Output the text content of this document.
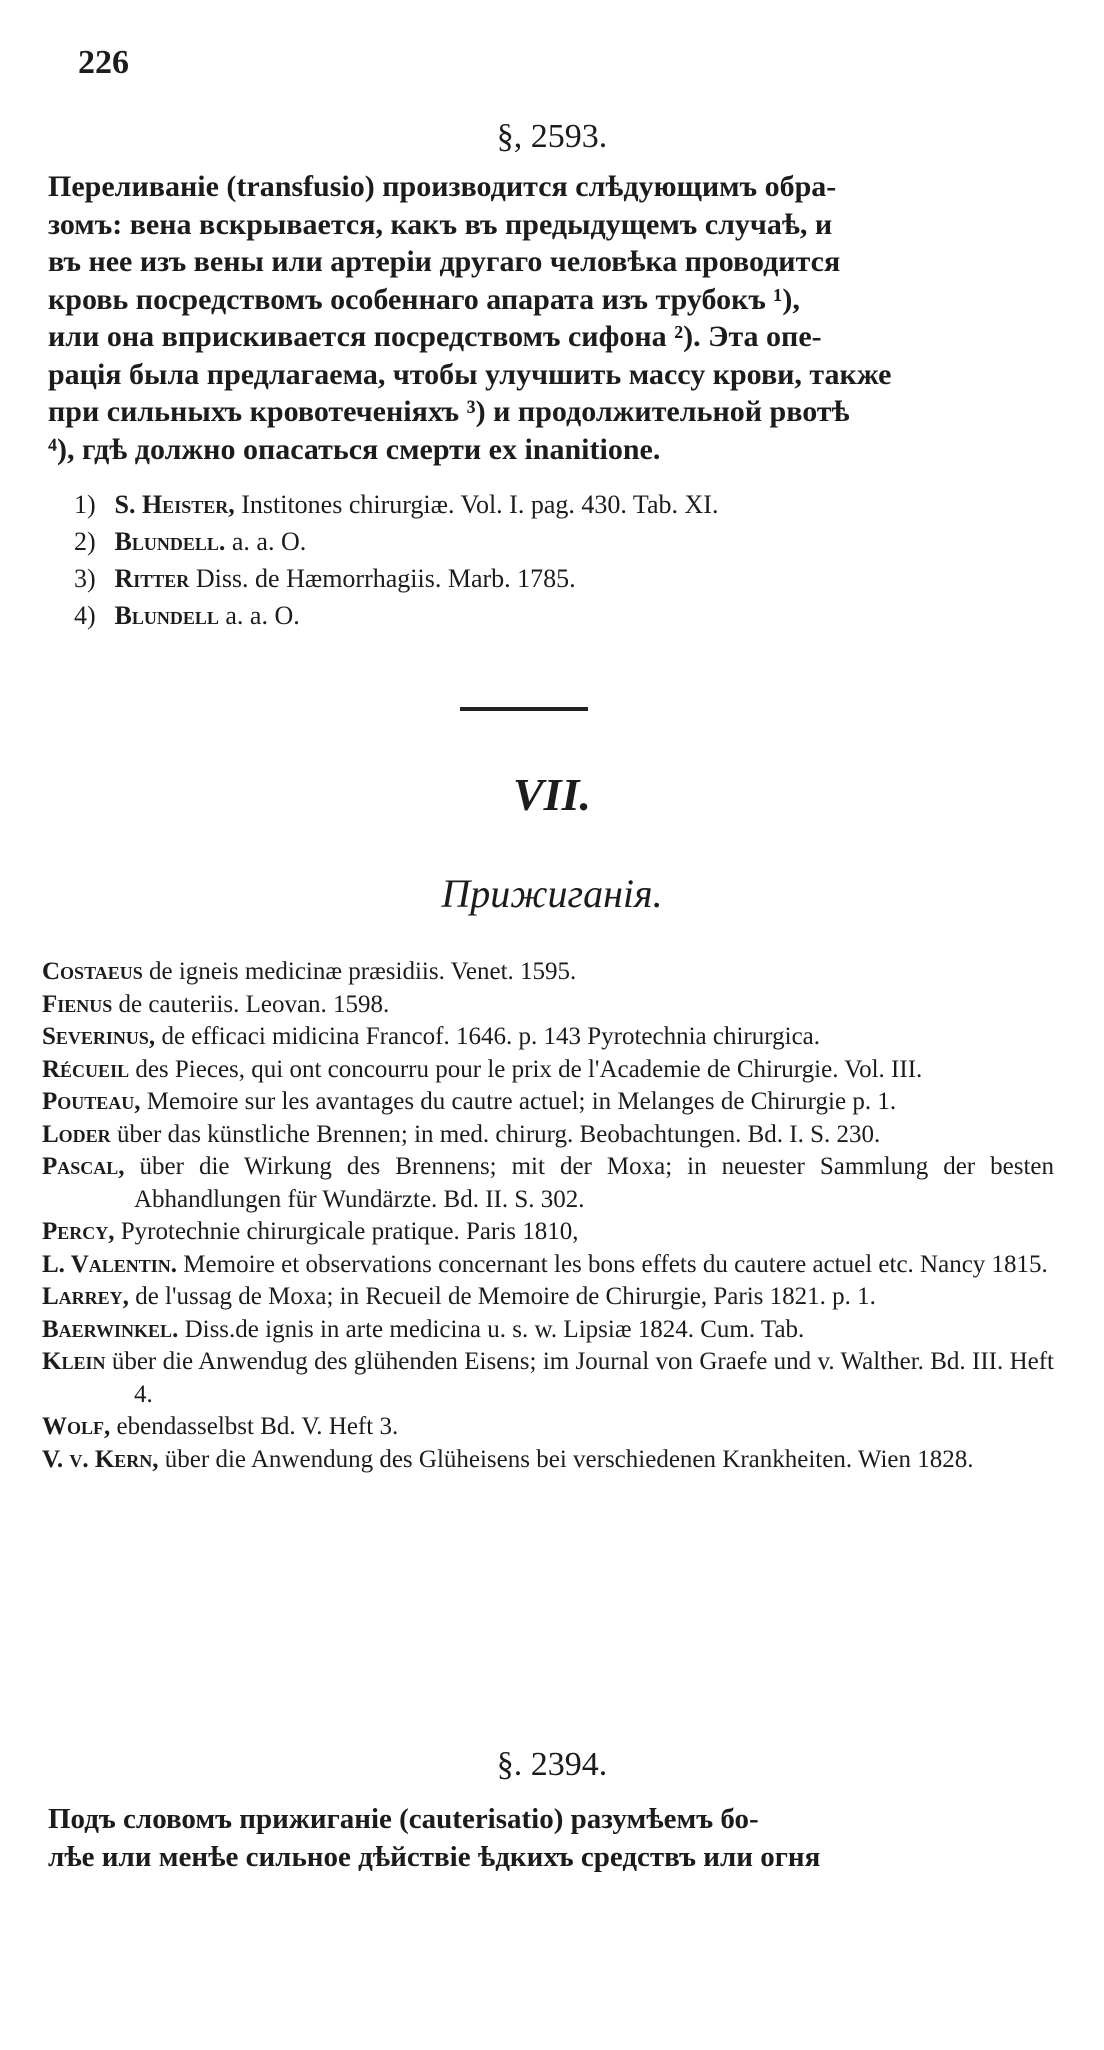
226
§, 2593.
Переливанie (transfusio) производится слѣдующимъ обра-
зомъ: вена вскрывается, какъ въ предыдущемъ случаѣ, и
въ нее изъ вены или артерiи другаго человѣка проводится
кровь посредствомъ особеннаго апарата изъ трубокъ ¹),
или она вприскивается посредствомъ сифона ²). Эта опе-
рацiя была предлагаема, чтобы улучшить массу крови, также
при сильныхъ кровотеченiяхъ ³) и продолжительной рвотѣ
⁴), гдѣ должно опасаться смерти ex inanitione.
1) S. Heister, Institones chirurgiæ. Vol. I. pag. 430. Tab. XI.
2) Blundell. a. a. O.
3) Ritter Diss. de Hæmorrhagiis. Marb. 1785.
4) Blundell a. a. O.
VII.
Прижиганiя.
Costaeus de igneis medicinæ præsidiis. Venet. 1595.
Fienus de cauteriis. Leovan. 1598.
Severinus, de efficaci midicina Francof. 1646. p. 143 Pyrotechnia chirurgica.
Récueil des Pieces, qui ont concourru pour le prix de l'Academie de Chirurgie. Vol. III.
Pouteau, Memoire sur les avantages du cautre actuel; in Melanges de Chirurgie p. 1.
Loder über das künstliche Brennen; in med. chirurg. Beobachtungen. Bd. I. S. 230.
Pascal, über die Wirkung des Brennens; mit der Moxa; in neuester Sammlung der besten Abhandlungen für Wundärzte. Bd. II. S. 302.
Percy, Pyrotechnie chirurgicale pratique. Paris 1810,
L. Valentin. Memoire et observations concernant les bons effets du cautere actuel etc. Nancy 1815.
Larrey, de l'ussag de Moxa; in Recueil de Memoire de Chirurgie, Paris 1821. p. 1.
Baerwinkel. Diss.de ignis in arte medicina u. s. w. Lipsiæ 1824. Cum. Tab.
Klein über die Anwendug des glühenden Eisens; im Journal von Graefe und v. Walther. Bd. III. Heft 4.
Wolf, ebendasselbst Bd. V. Heft 3.
V. v. Kern, über die Anwendung des Glüheisens bei verschiedenen Krankheiten. Wien 1828.
§. 2394.
Подъ словомъ прижиганie (cauterisatio) разумѣемъ бо-
лѣе или менѣе сильное дѣйствie ѣдкихъ средствъ или огня
